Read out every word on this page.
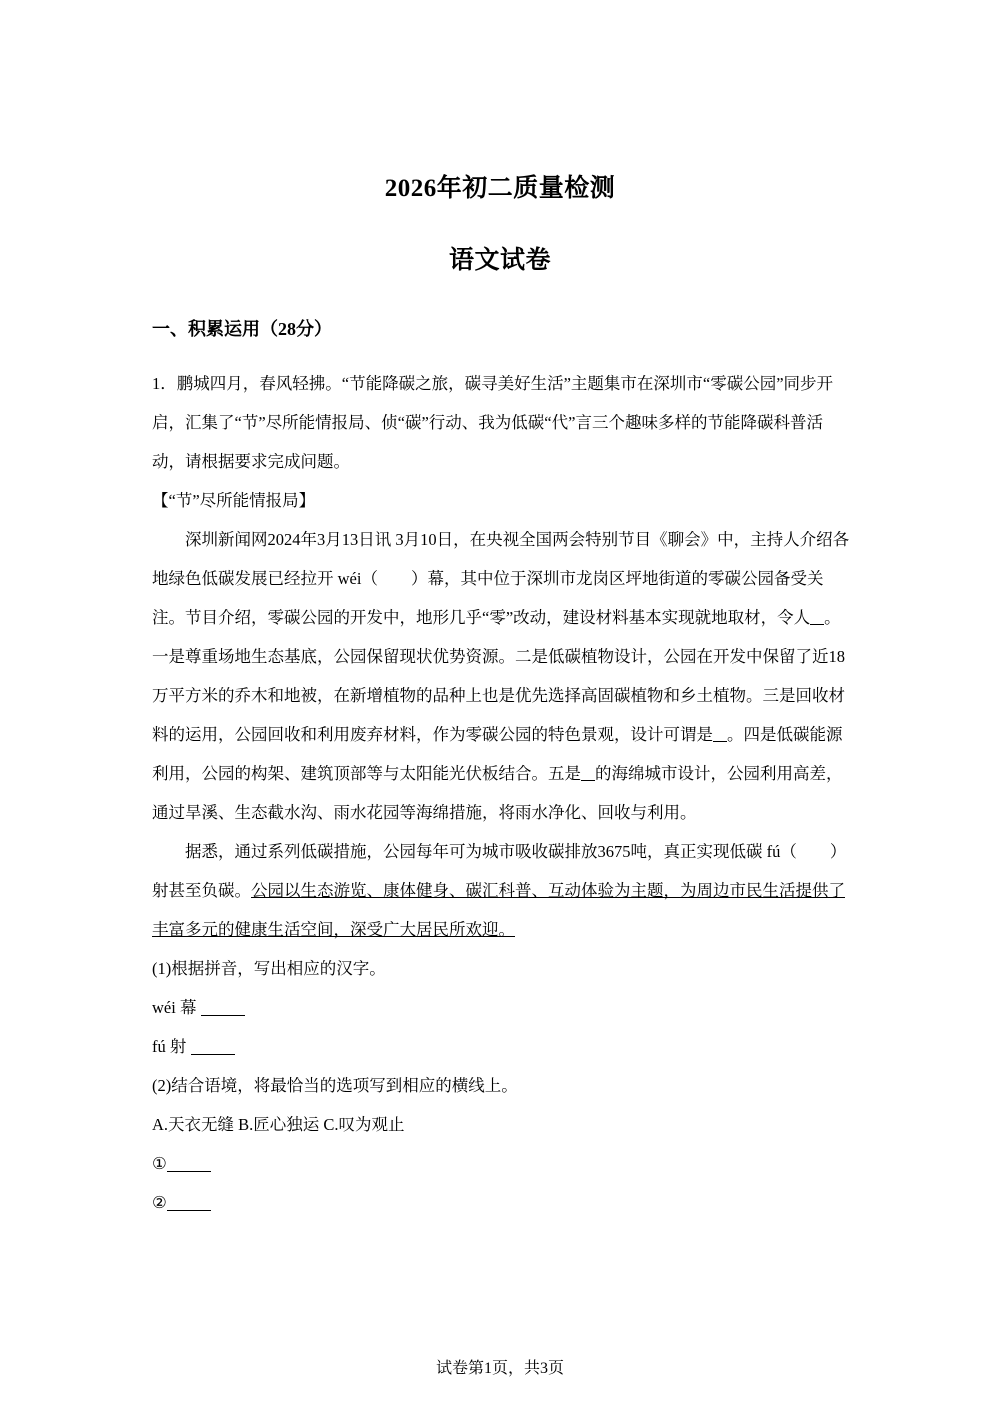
2026年初二质量检测
语文试卷
一、积累运用（28分）

1．鹏城四月，春风轻拂。“节能降碳之旅，碳寻美好生活”主题集市在深圳市“零碳公园”同步开启，汇集了“节”尽所能情报局、侦“碳”行动、我为低碳“代”言三个趣味多样的节能降碳科普活动，请根据要求完成问题。

【“节”尽所能情报局】

深圳新闻网2024年3月13日讯 3月10日，在央视全国两会特别节目《聊会》中，主持人介绍各地绿色低碳发展已经拉开 wéi（　　）幕，其中位于深圳市龙岗区坪地街道的零碳公园备受关注。节目介绍，零碳公园的开发中，地形几乎“零”改动，建设材料基本实现就地取材，令人 。一是尊重场地生态基底，公园保留现状优势资源。二是低碳植物设计，公园在开发中保留了近18万平方米的乔木和地被，在新增植物的品种上也是优先选择高固碳植物和乡土植物。三是回收材料的运用，公园回收和利用废弃材料，作为零碳公园的特色景观，设计可谓是 。四是低碳能源利用，公园的构架、建筑顶部等与太阳能光伏板结合。五是 的海绵城市设计，公园利用高差，通过旱溪、生态截水沟、雨水花园等海绵措施，将雨水净化、回收与利用。

据悉，通过系列低碳措施，公园每年可为城市吸收碳排放3675吨，真正实现低碳 fú（　　）射甚至负碳。公园以生态游览、康体健身、碳汇科普、互动体验为主题，为周边市民生活提供了丰富多元的健康生活空间，深受广大居民所欢迎。

(1)根据拼音，写出相应的汉字。

wéi 幕

fú 射

(2)结合语境，将最恰当的选项写到相应的横线上。

A.天衣无缝 B.匠心独运 C.叹为观止

①

②

试卷第1页，共3页
